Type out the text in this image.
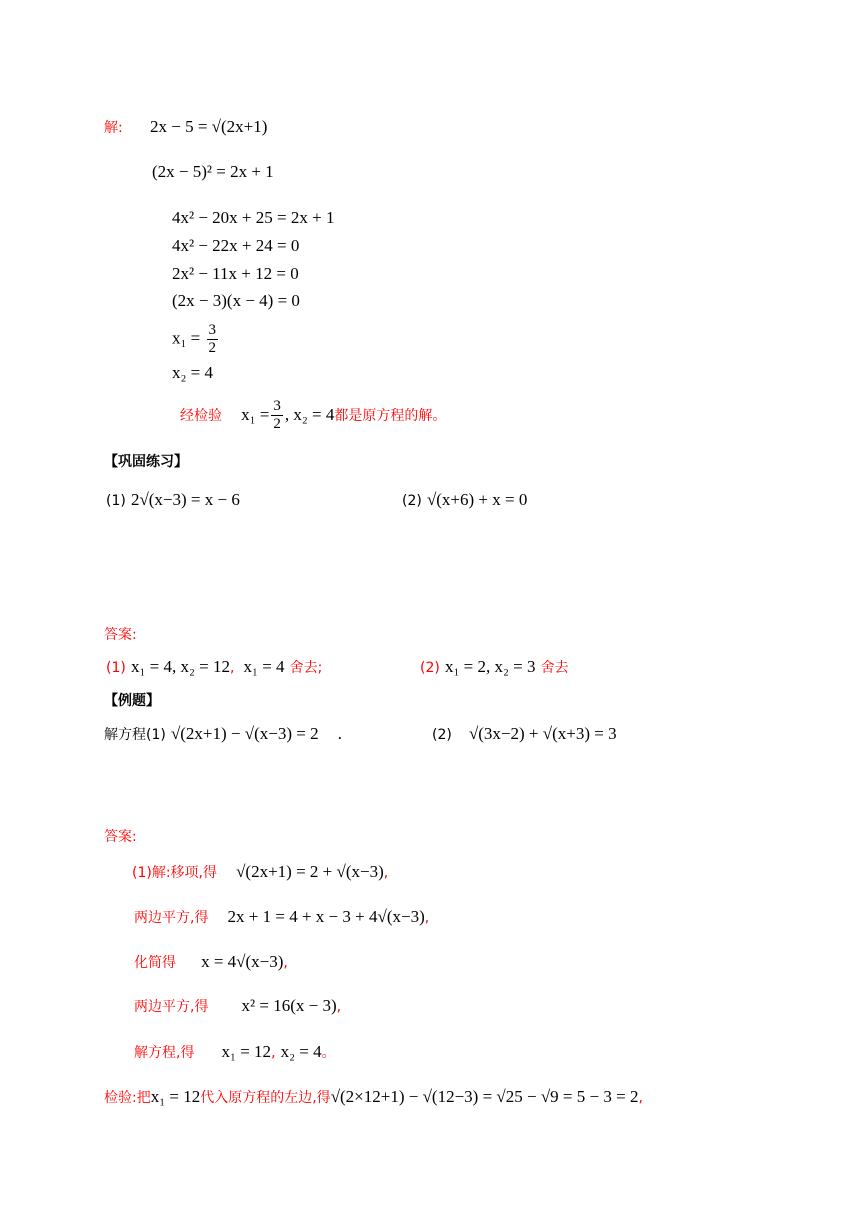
解: 2x − 5 = √(2x+1)
(2x − 5)² = 2x + 1
4x² − 20x + 25 = 2x + 1
4x² − 22x + 24 = 0
2x² − 11x + 12 = 0
(2x − 3)(x − 4) = 0
$x_1 = \frac{3}{2}$
x₂ = 4
经检验 $x_1 = \frac{3}{2}$ , x₂ = 4都是原方程的解。
【巩固练习】
(1) 2√(x−3) = x − 6	(2) √(x+6) + x = 0
答案:
(1) x₁ = 4, x₂ = 12, x₁ = 4 舍去;	(2) x₁ = 2, x₂ = 3 舍去
【例题】
解方程(1) √(2x+1) − √(x−3) = 2 .	(2) √(3x−2) + √(x+3) = 3
答案:
(1)解:移项,得 √(2x+1) = 2 + √(x−3),
两边平方,得 2x + 1 = 4 + x − 3 + 4√(x−3),
化简得 x = 4√(x−3),
两边平方,得 x² = 16(x − 3),
解方程,得 x₁ = 12, x₂ = 4。
检验:把x₁ = 12代入原方程的左边,得√(2×12+1) − √(12−3) = √25 − √9 = 5 − 3 = 2,
